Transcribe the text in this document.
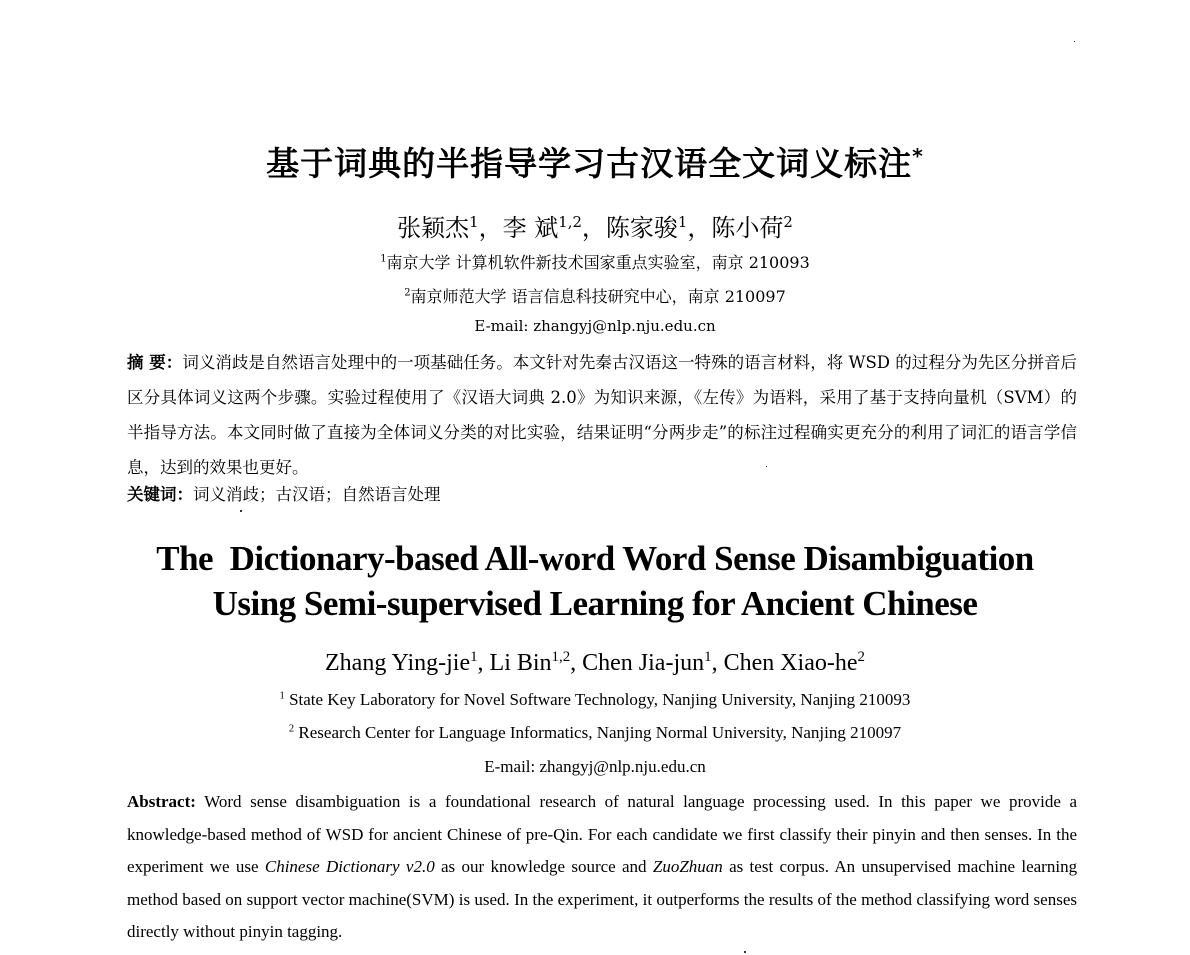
基于词典的半指导学习古汉语全文词义标注*
张颖杰$^1$，李 斌$^{1,2}$，陈家骏$^1$，陈小荷$^2$
$^1$南京大学 计算机软件新技术国家重点实验室，南京 210093
$^2$南京师范大学 语言信息科技研究中心，南京 210097
E-mail: zhangyj@nlp.nju.edu.cn
摘 要：词义消歧是自然语言处理中的一项基础任务。本文针对先秦古汉语这一特殊的语言材料，将 WSD 的过程分为先区分拼音后区分具体词义这两个步骤。实验过程使用了《汉语大词典 2.0》为知识来源，《左传》为语料，采用了基于支持向量机（SVM）的半指导方法。本文同时做了直接为全体词义分类的对比实验，结果证明“分两步走”的标注过程确实更充分的利用了词汇的语言学信息，达到的效果也更好。
关键词：词义消歧；古汉语；自然语言处理
The  Dictionary-based All-word Word Sense Disambiguation
Using Semi-supervised Learning for Ancient Chinese
Zhang Ying-jie$^1$, Li Bin$^{1,2}$, Chen Jia-jun$^1$, Chen Xiao-$he^2$
$^1$ State Key Laboratory for Novel Software Technology, Nanjing University, Nanjing 210093
$^2$ Research Center for Language Informatics, Nanjing Normal University, Nanjing 210097
E-mail: zhangyj@nlp.nju.edu.cn
Abstract: Word sense disambiguation is a foundational research of natural language processing used. In this paper we provide a knowledge-based method of WSD for ancient Chinese of pre-Qin. For each candidate we first classify their pinyin and then senses. In the experiment we use Chinese Dictionary v2.0 as our knowledge source and ZuoZhuan as test corpus. An unsupervised machine learning method based on support vector machine(SVM) is used. In the experiment, it outperforms the results of the method classifying word senses directly without pinyin tagging.
